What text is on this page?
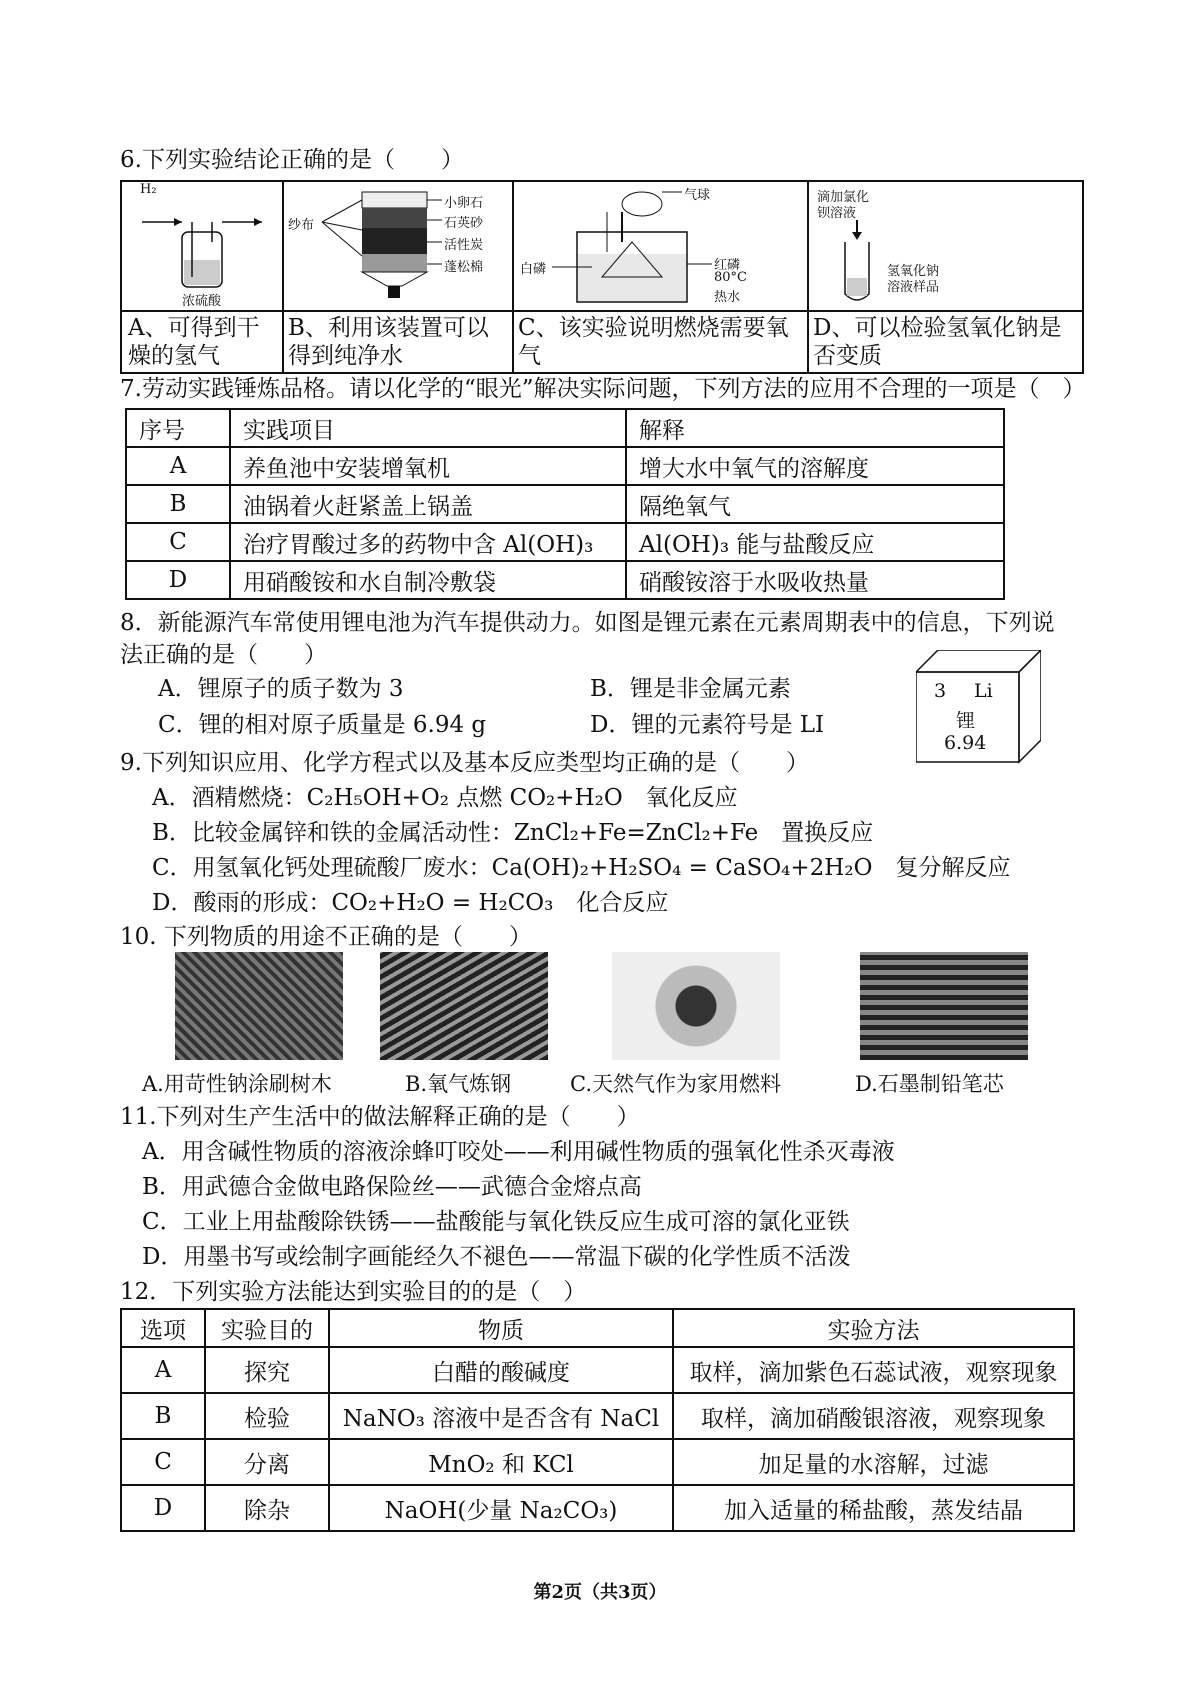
6.下列实验结论正确的是（　　）
H₂
浓硫酸
纱布
小卵石
石英砂
活性炭
蓬松棉
气球
白磷	红磷
80°C
热水
滴加氯化
钡溶液
氢氧化钠
溶液样品
A、可得到干燥的氢气
B、利用该装置可以得到纯净水
C、该实验说明燃烧需要氧气
D、可以检验氢氧化钠是否变质
7.劳动实践锤炼品格。请以化学的“眼光”解决实际问题，下列方法的应用不合理的一项是（　）
序号	实践项目	解释
A	养鱼池中安装增氧机	增大水中氧气的溶解度
B	油锅着火赶紧盖上锅盖	隔绝氧气
C	治疗胃酸过多的药物中含 Al(OH)₃	Al(OH)₃ 能与盐酸反应
D	用硝酸铵和水自制冷敷袋	硝酸铵溶于水吸收热量
8．新能源汽车常使用锂电池为汽车提供动力。如图是锂元素在元素周期表中的信息，下列说
法正确的是（　　）
A．锂原子的质子数为 3	B．锂是非金属元素
C．锂的相对原子质量是 6.94 g	D．锂的元素符号是 LI
3 Li
锂
6.94
9.下列知识应用、化学方程式以及基本反应类型均正确的是（　　）
A．酒精燃烧：C₂H₅OH+O₂ 点燃 CO₂+H₂O　氧化反应
B．比较金属锌和铁的金属活动性：ZnCl₂+Fe=ZnCl₂+Fe　置换反应
C．用氢氧化钙处理硫酸厂废水：Ca(OH)₂+H₂SO₄ = CaSO₄+2H₂O　复分解反应
D．酸雨的形成：CO₂+H₂O = H₂CO₃　化合反应
10. 下列物质的用途不正确的是（　　）
A.用苛性钠涂刷树木	B.氧气炼钢	C.天然气作为家用燃料	D.石墨制铅笔芯
11.下列对生产生活中的做法解释正确的是（　　）
A．用含碱性物质的溶液涂蜂叮咬处——利用碱性物质的强氧化性杀灭毒液
B．用武德合金做电路保险丝——武德合金熔点高
C．工业上用盐酸除铁锈——盐酸能与氧化铁反应生成可溶的氯化亚铁
D．用墨书写或绘制字画能经久不褪色——常温下碳的化学性质不活泼
12．下列实验方法能达到实验目的的是（　）
选项	实验目的	物质	实验方法
A	探究	白醋的酸碱度	取样，滴加紫色石蕊试液，观察现象
B	检验	NaNO₃ 溶液中是否含有 NaCl	取样，滴加硝酸银溶液，观察现象
C	分离	MnO₂ 和 KCl	加足量的水溶解，过滤
D	除杂	NaOH(少量 Na₂CO₃)	加入适量的稀盐酸，蒸发结晶
第2页（共3页）
